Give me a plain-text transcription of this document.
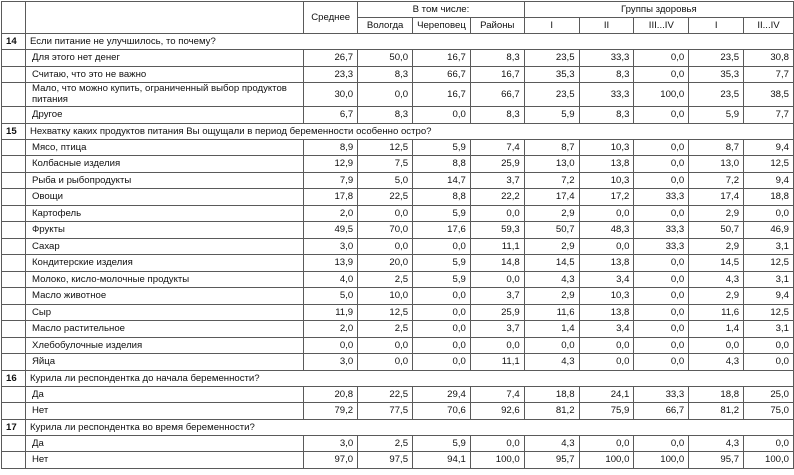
		Среднее	В том числе:			Группы здоровья				
			Вологда	Череповец	Районы	I	II	III...IV	I	II...IV
14	Если питание не улучшилось, то почему?									
	Для этого нет денег	26,7	50,0	16,7	8,3	23,5	33,3	0,0	23,5	30,8
	Считаю, что это не важно	23,3	8,3	66,7	16,7	35,3	8,3	0,0	35,3	7,7
	Мало, что можно купить, ограниченный выбор продуктов питания	30,0	0,0	16,7	66,7	23,5	33,3	100,0	23,5	38,5
	Другое	6,7	8,3	0,0	8,3	5,9	8,3	0,0	5,9	7,7
15	Нехватку каких продуктов питания Вы ощущали в период беременности особенно остро?									
	Мясо, птица	8,9	12,5	5,9	7,4	8,7	10,3	0,0	8,7	9,4
	Колбасные изделия	12,9	7,5	8,8	25,9	13,0	13,8	0,0	13,0	12,5
	Рыба и рыбопродукты	7,9	5,0	14,7	3,7	7,2	10,3	0,0	7,2	9,4
	Овощи	17,8	22,5	8,8	22,2	17,4	17,2	33,3	17,4	18,8
	Картофель	2,0	0,0	5,9	0,0	2,9	0,0	0,0	2,9	0,0
	Фрукты	49,5	70,0	17,6	59,3	50,7	48,3	33,3	50,7	46,9
	Сахар	3,0	0,0	0,0	11,1	2,9	0,0	33,3	2,9	3,1
	Кондитерские изделия	13,9	20,0	5,9	14,8	14,5	13,8	0,0	14,5	12,5
	Молоко, кисло-молочные продукты	4,0	2,5	5,9	0,0	4,3	3,4	0,0	4,3	3,1
	Масло животное	5,0	10,0	0,0	3,7	2,9	10,3	0,0	2,9	9,4
	Сыр	11,9	12,5	0,0	25,9	11,6	13,8	0,0	11,6	12,5
	Масло растительное	2,0	2,5	0,0	3,7	1,4	3,4	0,0	1,4	3,1
	Хлебобулочные изделия	0,0	0,0	0,0	0,0	0,0	0,0	0,0	0,0	0,0
	Яйца	3,0	0,0	0,0	11,1	4,3	0,0	0,0	4,3	0,0
16	Курила ли респондентка до начала беременности?									
	Да	20,8	22,5	29,4	7,4	18,8	24,1	33,3	18,8	25,0
	Нет	79,2	77,5	70,6	92,6	81,2	75,9	66,7	81,2	75,0
17	Курила ли респондентка во время беременности?									
	Да	3,0	2,5	5,9	0,0	4,3	0,0	0,0	4,3	0,0
	Нет	97,0	97,5	94,1	100,0	95,7	100,0	100,0	95,7	100,0
